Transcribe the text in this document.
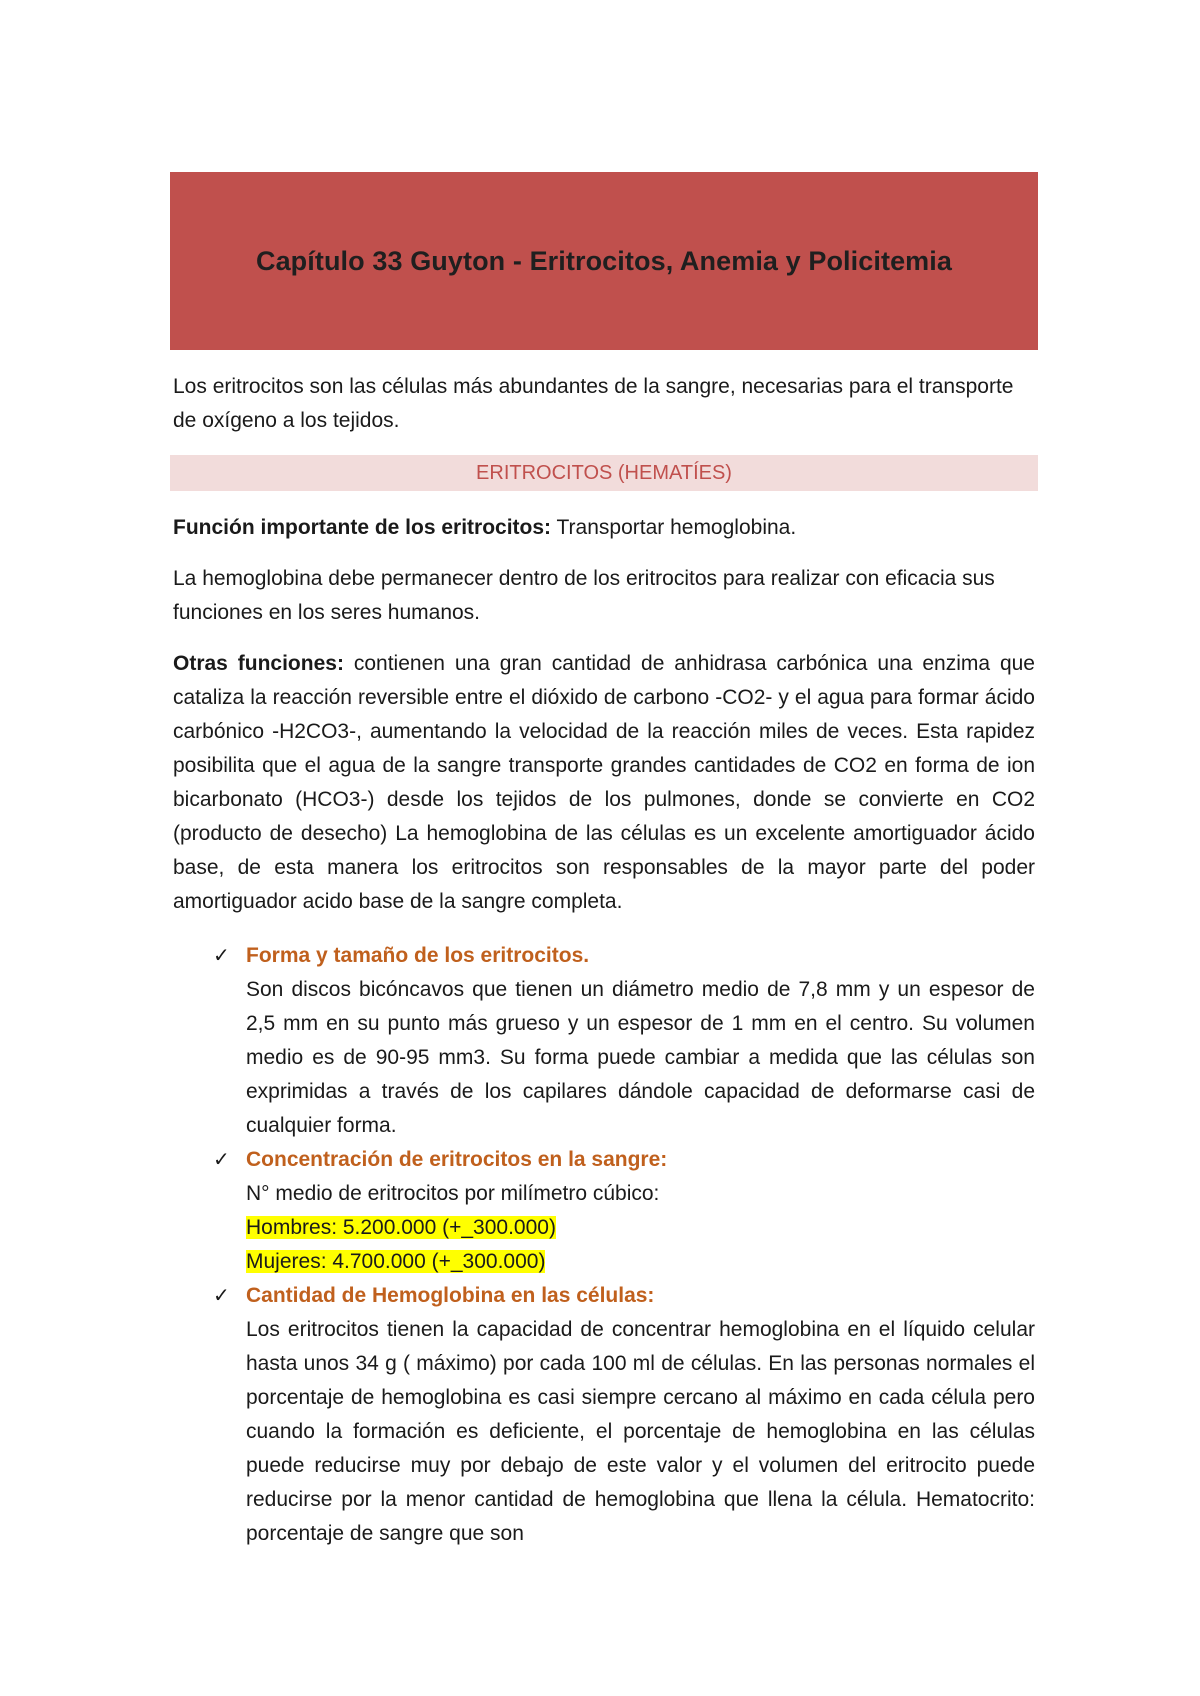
Capítulo 33 Guyton - Eritrocitos, Anemia y Policitemia

Los eritrocitos son las células más abundantes de la sangre, necesarias para el transporte de oxígeno a los tejidos.

ERITROCITOS (HEMATÍES)

Función importante de los eritrocitos: Transportar hemoglobina.

La hemoglobina debe permanecer dentro de los eritrocitos para realizar con eficacia sus funciones en los seres humanos.

Otras funciones: contienen una gran cantidad de anhidrasa carbónica una enzima que cataliza la reacción reversible entre el dióxido de carbono -CO2- y el agua para formar ácido carbónico -H2CO3-, aumentando la velocidad de la reacción miles de veces. Esta rapidez posibilita que el agua de la sangre transporte grandes cantidades de CO2 en forma de ion bicarbonato (HCO3-) desde los tejidos de los pulmones, donde se convierte en CO2 (producto de desecho) La hemoglobina de las células es un excelente amortiguador ácido base, de esta manera los eritrocitos son responsables de la mayor parte del poder amortiguador acido base de la sangre completa.

✓ Forma y tamaño de los eritrocitos.
Son discos bicóncavos que tienen un diámetro medio de 7,8 mm y un espesor de 2,5 mm en su punto más grueso y un espesor de 1 mm en el centro. Su volumen medio es de 90-95 mm3. Su forma puede cambiar a medida que las células son exprimidas a través de los capilares dándole capacidad de deformarse casi de cualquier forma.
✓ Concentración de eritrocitos en la sangre:
N° medio de eritrocitos por milímetro cúbico:
Hombres: 5.200.000 (+_300.000)
Mujeres: 4.700.000 (+_300.000)
✓ Cantidad de Hemoglobina en las células:
Los eritrocitos tienen la capacidad de concentrar hemoglobina en el líquido celular hasta unos 34 g ( máximo) por cada 100 ml de células. En las personas normales el porcentaje de hemoglobina es casi siempre cercano al máximo en cada célula pero cuando la formación es deficiente, el porcentaje de hemoglobina en las células puede reducirse muy por debajo de este valor y el volumen del eritrocito puede reducirse por la menor cantidad de hemoglobina que llena la célula. Hematocrito: porcentaje de sangre que son
